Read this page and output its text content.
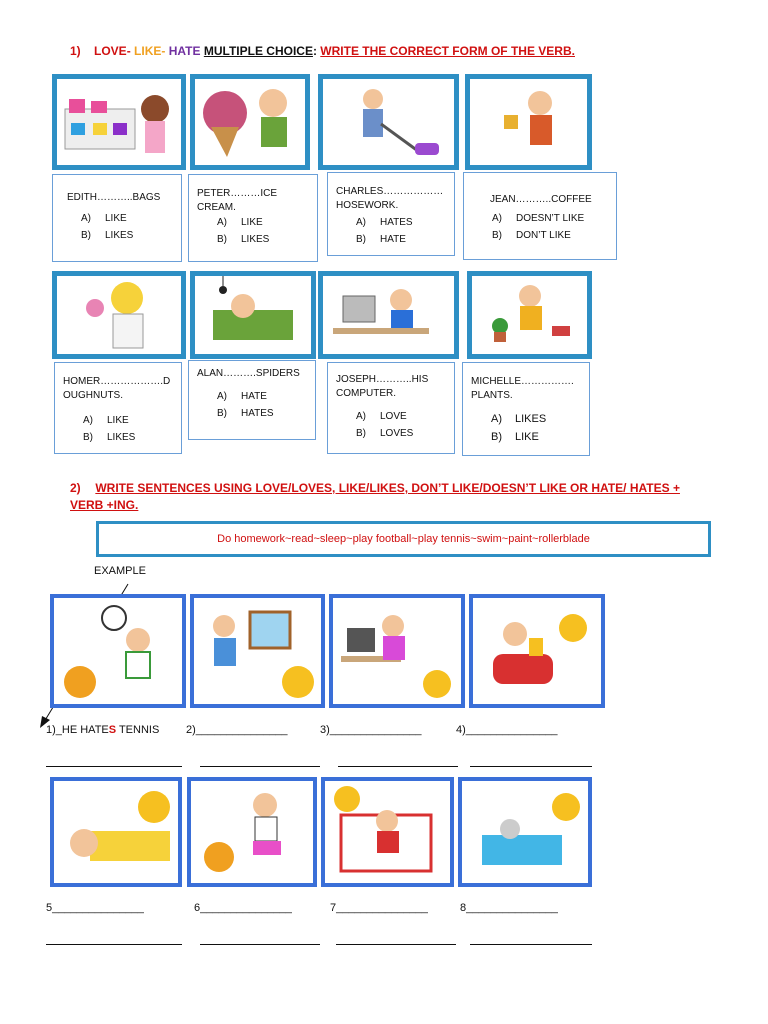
1) LOVE- LIKE- HATE MULTIPLE CHOICE: WRITE THE CORRECT FORM OF THE VERB.
EDITH………..BAGS
A) LIKE
B) LIKES
PETER………ICE CREAM.
A) LIKE
B) LIKES
CHARLES……………… HOSEWORK.
A) HATES
B) HATE
JEAN………..COFFEE
A) DOESN’T LIKE
B) DON’T LIKE
HOMER……………….D OUGHNUTS.
A) LIKE
B) LIKES
ALAN……….SPIDERS
A) HATE
B) HATES
JOSEPH………..HIS COMPUTER.
A) LOVE
B) LOVES
MICHELLE……………. PLANTS.
A) LIKES
B) LIKE
2) WRITE SENTENCES USING LOVE/LOVES, LIKE/LIKES, DON’T LIKE/DOESN’T LIKE OR HATE/ HATES + VERB +ING.
Do homework~read~sleep~play football~play tennis~swim~paint~rollerblade
EXAMPLE
1)_HE HATES TENNIS 2)_______________	3)_______________	4)_______________
5_______________	6_______________	7_______________	8_______________
